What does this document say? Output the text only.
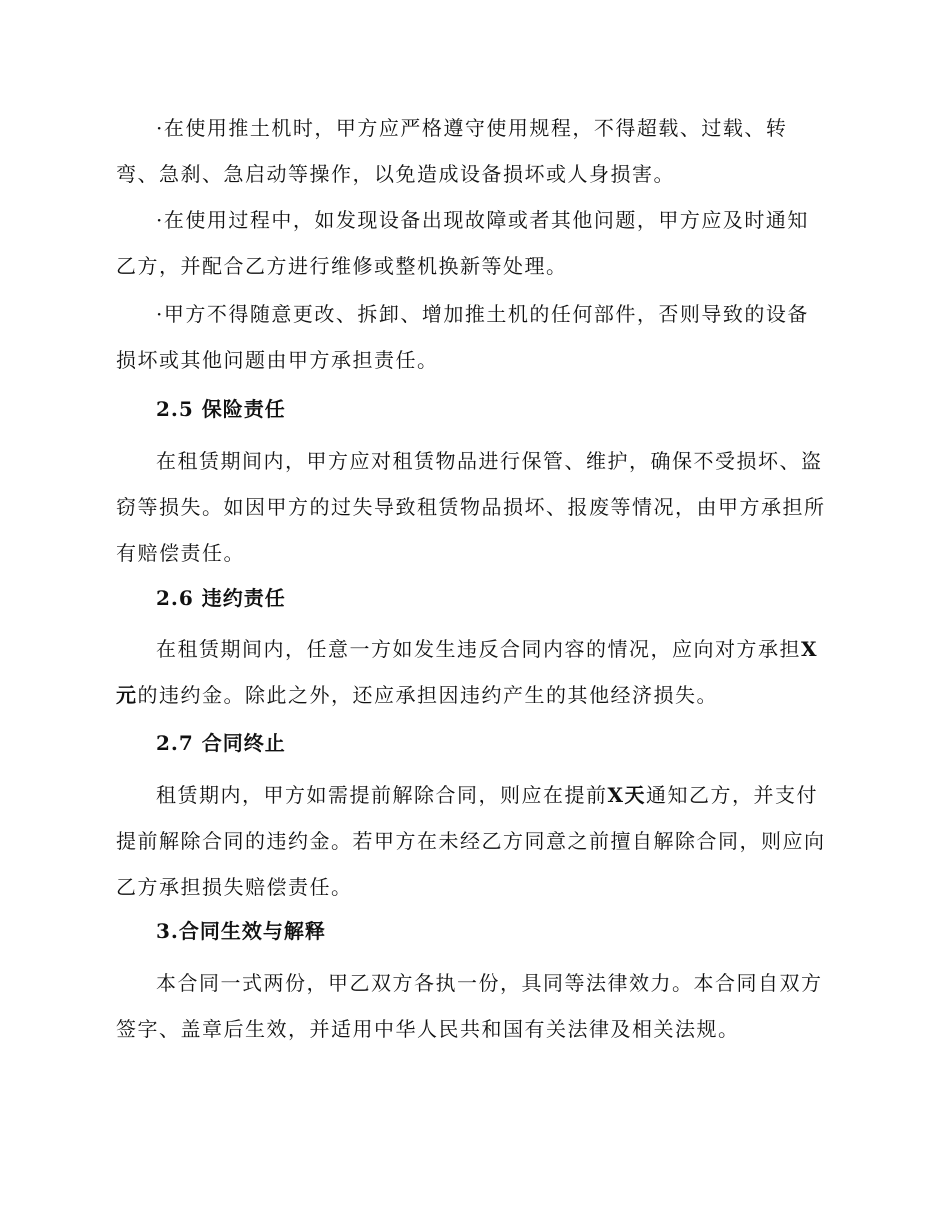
·在使用推土机时，甲方应严格遵守使用规程，不得超载、过载、转弯、急刹、急启动等操作，以免造成设备损坏或人身损害。

·在使用过程中，如发现设备出现故障或者其他问题，甲方应及时通知乙方，并配合乙方进行维修或整机换新等处理。

·甲方不得随意更改、拆卸、增加推土机的任何部件，否则导致的设备损坏或其他问题由甲方承担责任。

2.5 保险责任

在租赁期间内，甲方应对租赁物品进行保管、维护，确保不受损坏、盗窃等损失。如因甲方的过失导致租赁物品损坏、报废等情况，由甲方承担所有赔偿责任。

2.6 违约责任

在租赁期间内，任意一方如发生违反合同内容的情况，应向对方承担X元的违约金。除此之外，还应承担因违约产生的其他经济损失。

2.7 合同终止

租赁期内，甲方如需提前解除合同，则应在提前X天通知乙方，并支付提前解除合同的违约金。若甲方在未经乙方同意之前擅自解除合同，则应向乙方承担损失赔偿责任。

3.合同生效与解释

本合同一式两份，甲乙双方各执一份，具同等法律效力。本合同自双方签字、盖章后生效，并适用中华人民共和国有关法律及相关法规。
